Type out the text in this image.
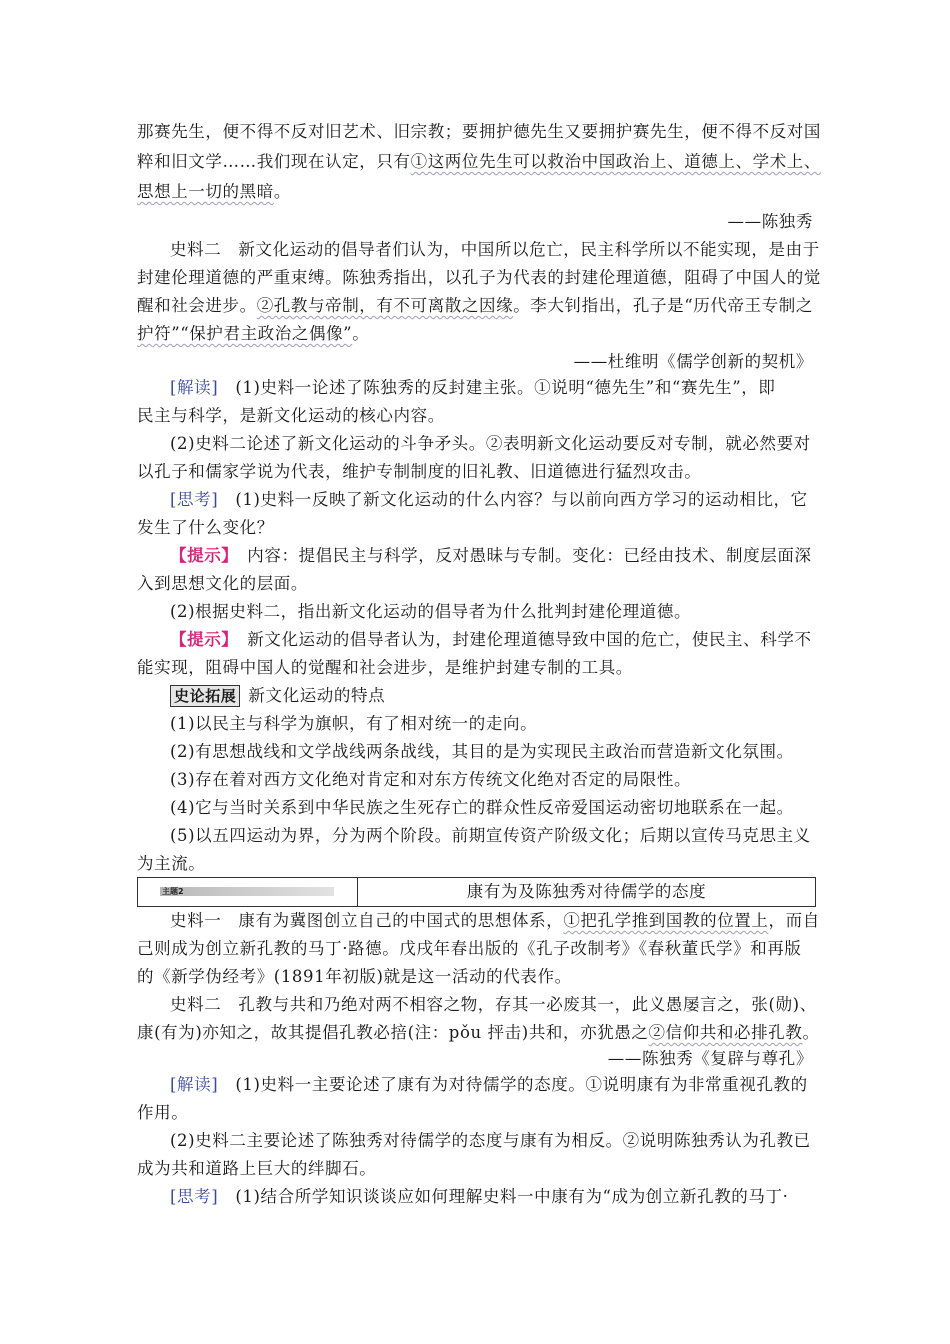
那赛先生，便不得不反对旧艺术、旧宗教；要拥护德先生又要拥护赛先生，便不得不反对国
粹和旧文学……我们现在认定，只有①这两位先生可以救治中国政治上、道德上、学术上、
思想上一切的黑暗。
——陈独秀
史料二　新文化运动的倡导者们认为，中国所以危亡，民主科学所以不能实现，是由于
封建伦理道德的严重束缚。陈独秀指出，以孔子为代表的封建伦理道德，阻碍了中国人的觉
醒和社会进步。②孔教与帝制，有不可离散之因缘。李大钊指出，孔子是“历代帝王专制之
护符”“保护君主政治之偶像”。
——杜维明《儒学创新的契机》
[解读]　(1)史料一论述了陈独秀的反封建主张。①说明“德先生”和“赛先生”，即
民主与科学，是新文化运动的核心内容。
(2)史料二论述了新文化运动的斗争矛头。②表明新文化运动要反对专制，就必然要对
以孔子和儒家学说为代表，维护专制制度的旧礼教、旧道德进行猛烈攻击。
[思考]　(1)史料一反映了新文化运动的什么内容？与以前向西方学习的运动相比，它
发生了什么变化？
【提示】　内容：提倡民主与科学，反对愚昧与专制。变化：已经由技术、制度层面深
入到思想文化的层面。
(2)根据史料二，指出新文化运动的倡导者为什么批判封建伦理道德。
【提示】　新文化运动的倡导者认为，封建伦理道德导致中国的危亡，使民主、科学不
能实现，阻碍中国人的觉醒和社会进步，是维护封建专制的工具。
史论拓展 新文化运动的特点
(1)以民主与科学为旗帜，有了相对统一的走向。
(2)有思想战线和文学战线两条战线，其目的是为实现民主政治而营造新文化氛围。
(3)存在着对西方文化绝对肯定和对东方传统文化绝对否定的局限性。
(4)它与当时关系到中华民族之生死存亡的群众性反帝爱国运动密切地联系在一起。
(5)以五四运动为界，分为两个阶段。前期宣传资产阶级文化；后期以宣传马克思主义
为主流。
主题2	康有为及陈独秀对待儒学的态度
史料一　康有为冀图创立自己的中国式的思想体系，①把孔学推到国教的位置上，而自
己则成为创立新孔教的马丁·路德。戊戌年春出版的《孔子改制考》《春秋董氏学》和再版
的《新学伪经考》(1891年初版)就是这一活动的代表作。
史料二　孔教与共和乃绝对两不相容之物，存其一必废其一，此义愚屡言之，张(勋)、
康(有为)亦知之，故其提倡孔教必掊(注：pǒu 抨击)共和，亦犹愚之②信仰共和必排孔教。
——陈独秀《复辟与尊孔》
[解读]　(1)史料一主要论述了康有为对待儒学的态度。①说明康有为非常重视孔教的
作用。
(2)史料二主要论述了陈独秀对待儒学的态度与康有为相反。②说明陈独秀认为孔教已
成为共和道路上巨大的绊脚石。
[思考]　(1)结合所学知识谈谈应如何理解史料一中康有为“成为创立新孔教的马丁·
